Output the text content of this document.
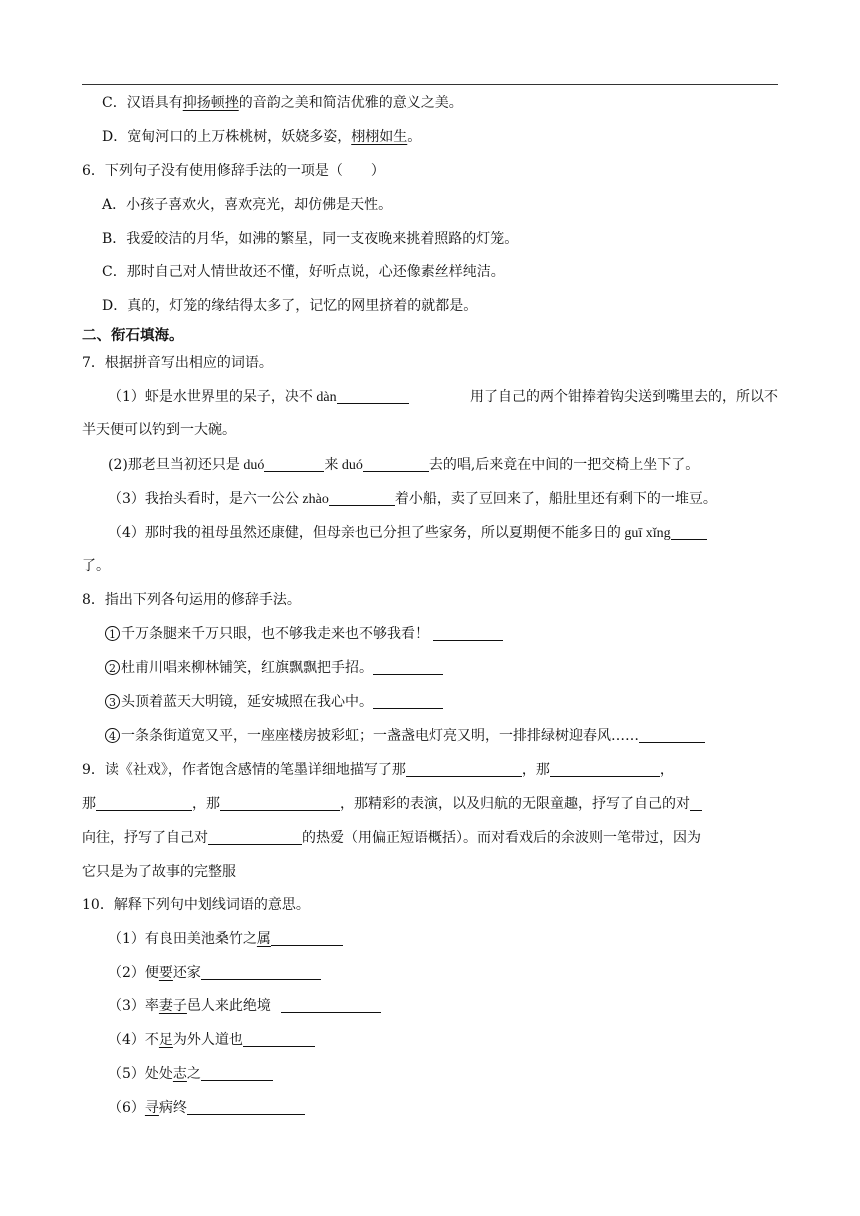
C．汉语具有抑扬顿挫的音韵之美和简洁优雅的意义之美。
D．宽甸河口的上万株桃树，妖娆多姿，栩栩如生。
6．下列句子没有使用修辞手法的一项是（　　）
A．小孩子喜欢火，喜欢亮光，却仿佛是天性。
B．我爱皎洁的月华，如沸的繁星，同一支夜晚来挑着照路的灯笼。
C．那时自己对人情世故还不懂，好听点说，心还像素丝样纯洁。
D．真的，灯笼的缘结得太多了，记忆的网里挤着的就都是。
二、衔石填海。
7．根据拼音写出相应的词语。
（1）虾是水世界里的呆子，决不 dàn	用了自己的两个钳捧着钩尖送到嘴里去的，所以不
半天便可以钓到一大碗。
(2)那老旦当初还只是 duó	来 duó	去的唱,后来竟在中间的一把交椅上坐下了。
（3）我抬头看时，是六一公公 zhào	着小船，卖了豆回来了，船肚里还有剩下的一堆豆。
（4）那时我的祖母虽然还康健，但母亲也已分担了些家务，所以夏期便不能多日的 guī xǐng
了。
8．指出下列各句运用的修辞手法。
1 千万条腿来千万只眼，也不够我走来也不够我看！
2 杜甫川唱来柳林铺笑，红旗飘飘把手招。
3 头顶着蓝天大明镜，延安城照在我心中。
4 一条条街道宽又平，一座座楼房披彩虹；一盏盏电灯亮又明，一排排绿树迎春风……
9．读《社戏》，作者饱含感情的笔墨详细地描写了那	，那	，
那	，那	，那精彩的表演，以及归航的无限童趣，抒写了自己的对
向往，抒写了自己对	的热爱（用偏正短语概括）。而对看戏后的余波则一笔带过，因为
它只是为了故事的完整服
10．解释下列句中划线词语的意思。
（1）有良田美池桑竹之属
（2）便要还家
（3）率妻子邑人来此绝境
（4）不足为外人道也
（5）处处志之
（6）寻病终
